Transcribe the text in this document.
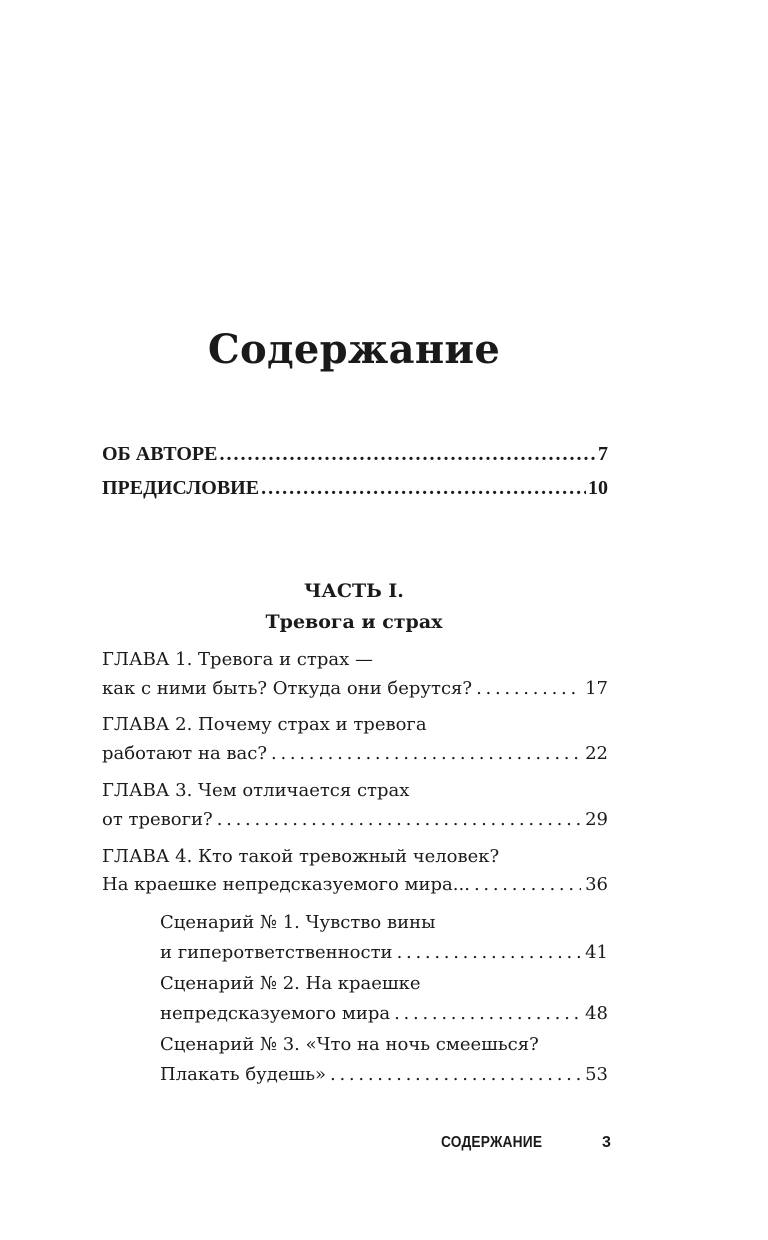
Содержание
ОБ АВТОРЕ . . .	7
ПРЕДИСЛОВИЕ . . .	10
ЧАСТЬ I.
Тревога и страх
ГЛАВА 1. Тревога и страх —
как с ними быть? Откуда они берутся? . . .	17
ГЛАВА 2. Почему страх и тревога
работают на вас? . . .	22
ГЛАВА 3. Чем отличается страх
от тревоги? . . .	29
ГЛАВА 4. Кто такой тревожный человек?
На краешке непредсказуемого мира... . . .	36
Сценарий № 1. Чувство вины
и гиперответственности . . .	41
Сценарий № 2. На краешке
непредсказуемого мира . . .	48
Сценарий № 3. «Что на ночь смеешься?
Плакать будешь» . . .	53
СОДЕРЖАНИЕ	3
